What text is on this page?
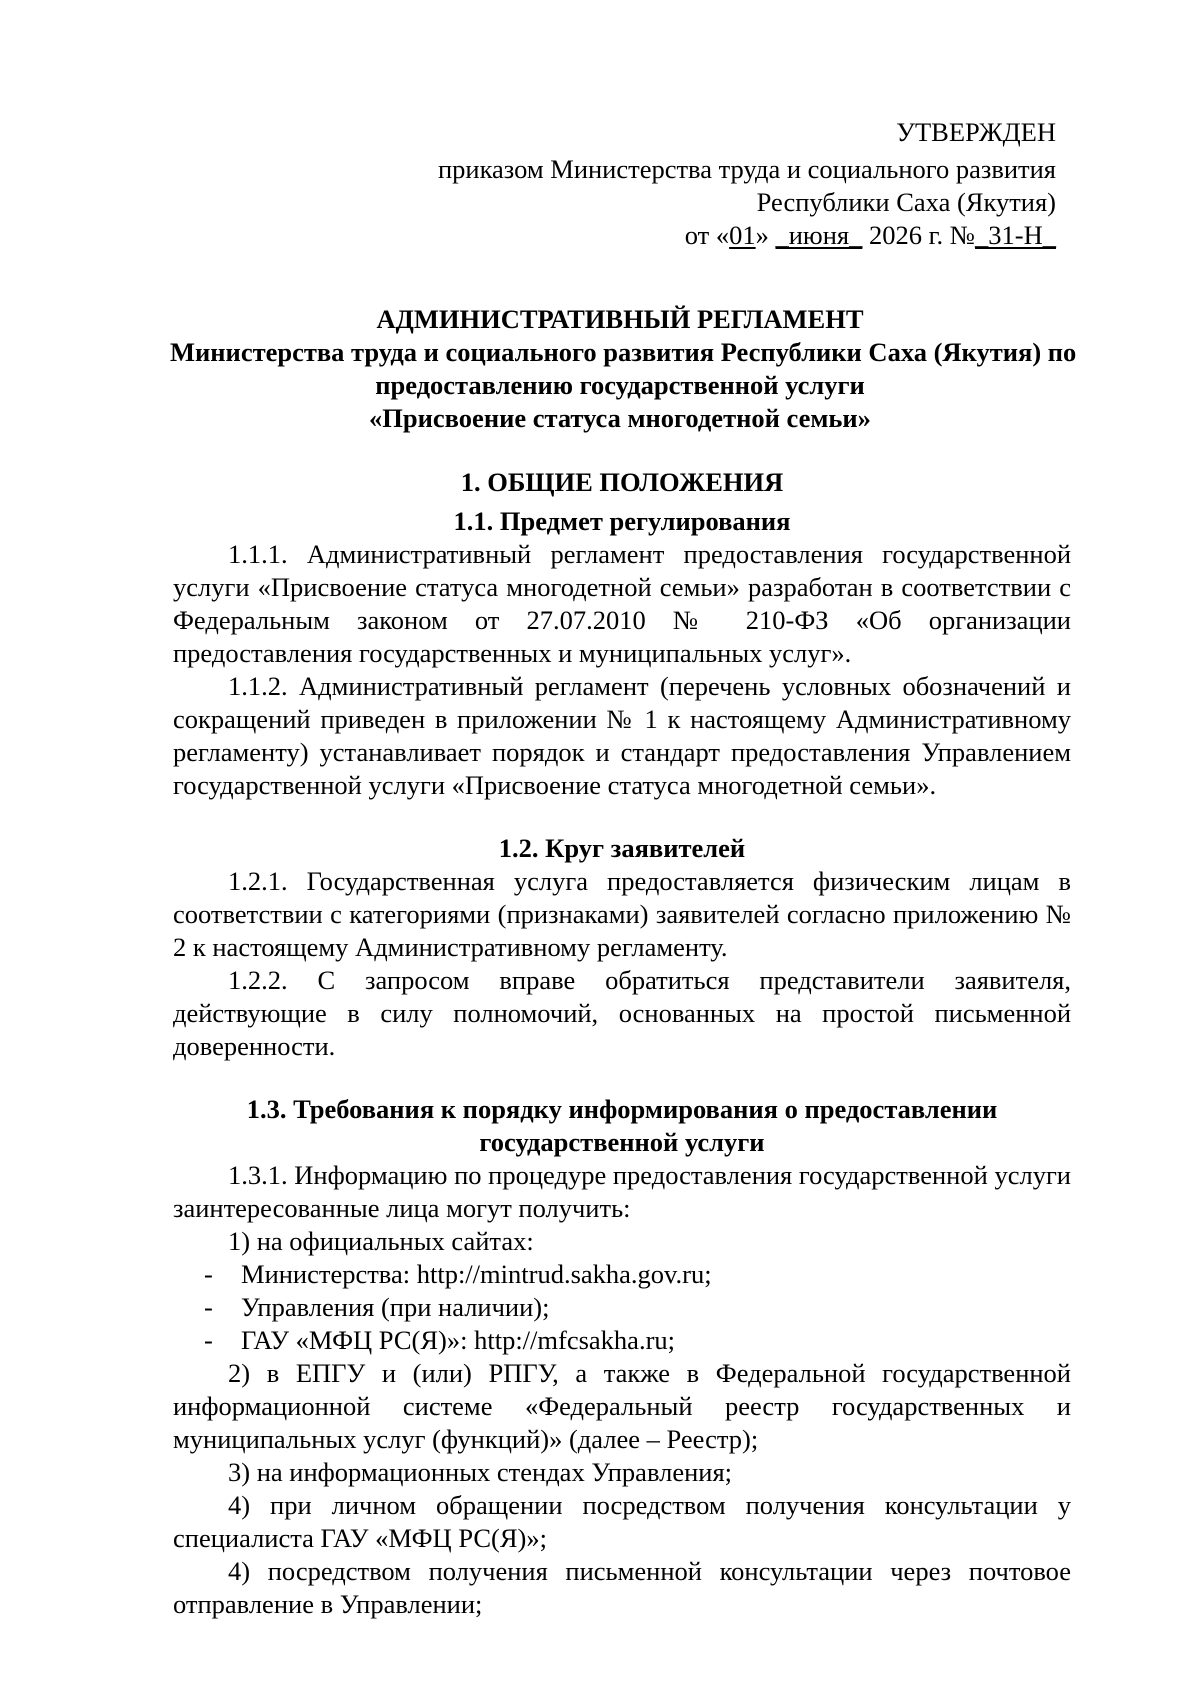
УТВЕРЖДЕН
приказом Министерства труда и социального развития
Республики Саха (Якутия)
от «01» _июня_ 2026 г. №_31-Н_
АДМИНИСТРАТИВНЫЙ РЕГЛАМЕНТ
Министерства труда и социального развития Республики Саха (Якутия) по
предоставлению государственной услуги
«Присвоение статуса многодетной семьи»
1. ОБЩИЕ ПОЛОЖЕНИЯ
1.1. Предмет регулирования

1.1.1. Административный регламент предоставления государственной услуги «Присвоение статуса многодетной семьи» разработан в соответствии с Федеральным законом от 27.07.2010 № 210-ФЗ «Об организации предоставления государственных и муниципальных услуг».

1.1.2. Административный регламент (перечень условных обозначений и сокращений приведен в приложении № 1 к настоящему Административному регламенту) устанавливает порядок и стандарт предоставления Управлением государственной услуги «Присвоение статуса многодетной семьи».

1.2. Круг заявителей

1.2.1. Государственная услуга предоставляется физическим лицам в соответствии с категориями (признаками) заявителей согласно приложению № 2 к настоящему Административному регламенту.

1.2.2. С запросом вправе обратиться представители заявителя, действующие в силу полномочий, основанных на простой письменной доверенности.

1.3. Требования к порядку информирования о предоставлении
государственной услуги

1.3.1. Информацию по процедуре предоставления государственной услуги заинтересованные лица могут получить:

1) на официальных сайтах:

-	Министерства: http://mintrud.sakha.gov.ru;
-	Управления (при наличии);
-	ГАУ «МФЦ РС(Я)»: http://mfcsakha.ru;

2) в ЕПГУ и (или) РПГУ, а также в Федеральной государственной информационной системе «Федеральный реестр государственных и муниципальных услуг (функций)» (далее – Реестр);

3) на информационных стендах Управления;

4) при личном обращении посредством получения консультации у специалиста ГАУ «МФЦ РС(Я)»;

4) посредством получения письменной консультации через почтовое отправление в Управлении;
